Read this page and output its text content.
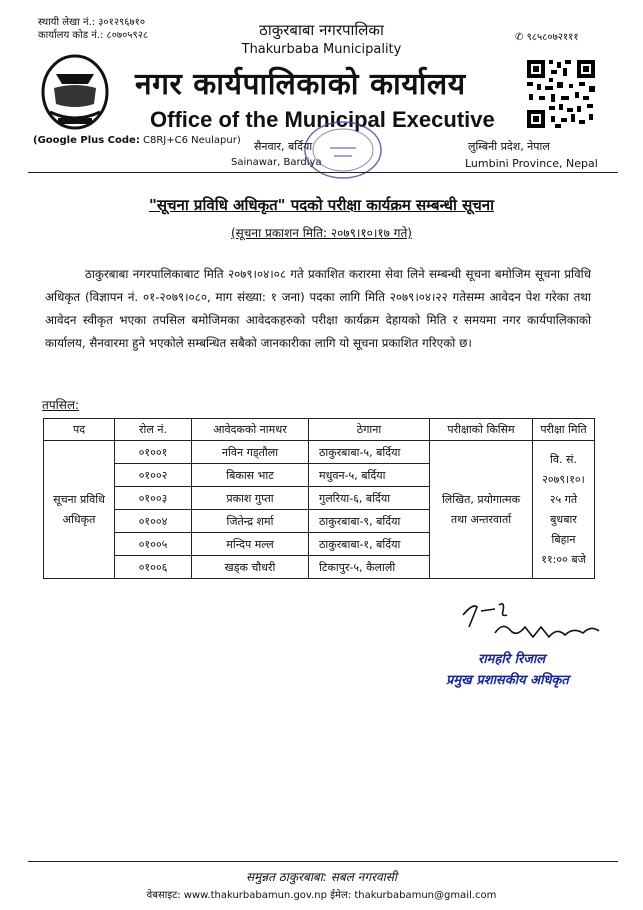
स्थायी लेखा नं.: ३०१२९६७१०
कार्यालय कोड नं.: ८०७०५९२८	✆ ९८५८०७२१११
ठाकुरबाबा नगरपालिका
Thakurbaba Municipality
नगर कार्यपालिकाको कार्यालय
Office of the Municipal Executive
(Google Plus Code: C8RJ+C6 Neulapur) सैनवार, बर्दिया
Sainawar, Bardiya
लुम्बिनी प्रदेश, नेपाल
Lumbini Province, Nepal
"सूचना प्रविधि अधिकृत" पदको परीक्षा कार्यक्रम सम्बन्धी सूचना
(सूचना प्रकाशन मिति: २०७९।१०।१७ गते)
ठाकुरबाबा नगरपालिकाबाट मिति २०७९।०४।०८ गते प्रकाशित करारमा सेवा लिने सम्बन्धी सूचना बमोजिम सूचना प्रविधि अधिकृत (विज्ञापन नं. ०१-२०७९।०८०, माग संख्या: १ जना) पदका लागि मिति २०७९।०४।२२ गतेसम्म आवेदन पेश गरेका तथा आवेदन स्वीकृत भएका तपसिल बमोजिमका आवेदकहरुको परीक्षा कार्यक्रम देहायको मिति र समयमा नगर कार्यपालिकाको कार्यालय, सैनवारमा हुने भएकोले सम्बन्धित सबैको जानकारीका लागि यो सूचना प्रकाशित गरिएको छ।
तपसिल:
पद	रोल नं.	आवेदकको नामथर	ठेगाना	परीक्षाको किसिम	परीक्षा मिति
सूचना प्रविधि अधिकृत	०१००१	नविन गड्तौला	ठाकुरबाबा-५, बर्दिया	लिखित, प्रयोगात्मक तथा अन्तरवार्ता	वि. सं. २०७९।१०।२५ गते बुधबार बिहान ११:०० बजे
	०१००२	बिकास भाट	मधुवन-५, बर्दिया		
	०१००३	प्रकाश गुप्ता	गुलरिया-६, बर्दिया		
	०१००४	जितेन्द्र शर्मा	ठाकुरबाबा-९, बर्दिया		
	०१००५	मन्दिप मल्ल	ठाकुरबाबा-१, बर्दिया		
	०१००६	खड्क चौधरी	टिकापुर-५, कैलाली		
रामहरि रिजाल
प्रमुख प्रशासकीय अधिकृत
समुन्नत ठाकुरबाबा: सबल नगरवासी
वेबसाइट: www.thakurbabamun.gov.np ईमेल: thakurbabamun@gmail.com
